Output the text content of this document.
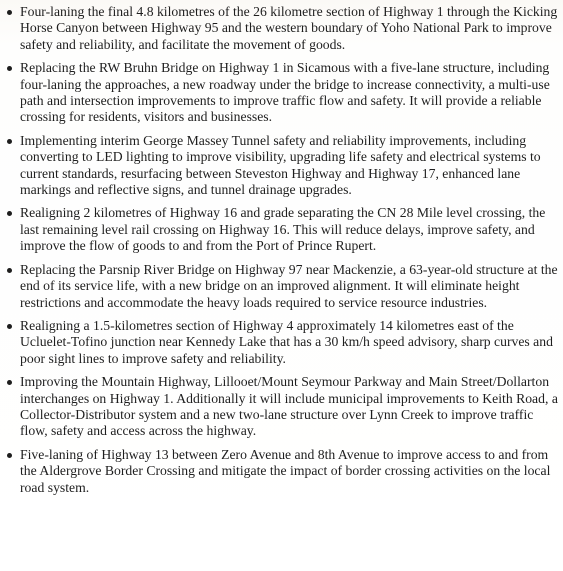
Four-laning the final 4.8 kilometres of the 26 kilometre section of Highway 1 through the Kicking Horse Canyon between Highway 95 and the western boundary of Yoho National Park to improve safety and reliability, and facilitate the movement of goods.
Replacing the RW Bruhn Bridge on Highway 1 in Sicamous with a five-lane structure, including four-laning the approaches, a new roadway under the bridge to increase connectivity, a multi-use path and intersection improvements to improve traffic flow and safety. It will provide a reliable crossing for residents, visitors and businesses.
Implementing interim George Massey Tunnel safety and reliability improvements, including converting to LED lighting to improve visibility, upgrading life safety and electrical systems to current standards, resurfacing between Steveston Highway and Highway 17, enhanced lane markings and reflective signs, and tunnel drainage upgrades.
Realigning 2 kilometres of Highway 16 and grade separating the CN 28 Mile level crossing, the last remaining level rail crossing on Highway 16. This will reduce delays, improve safety, and improve the flow of goods to and from the Port of Prince Rupert.
Replacing the Parsnip River Bridge on Highway 97 near Mackenzie, a 63-year-old structure at the end of its service life, with a new bridge on an improved alignment. It will eliminate height restrictions and accommodate the heavy loads required to service resource industries.
Realigning a 1.5-kilometres section of Highway 4 approximately 14 kilometres east of the Ucluelet-Tofino junction near Kennedy Lake that has a 30 km/h speed advisory, sharp curves and poor sight lines to improve safety and reliability.
Improving the Mountain Highway, Lillooet/Mount Seymour Parkway and Main Street/Dollarton interchanges on Highway 1. Additionally it will include municipal improvements to Keith Road, a Collector-Distributor system and a new two-lane structure over Lynn Creek to improve traffic flow, safety and access across the highway.
Five-laning of Highway 13 between Zero Avenue and 8th Avenue to improve access to and from the Aldergrove Border Crossing and mitigate the impact of border crossing activities on the local road system.
